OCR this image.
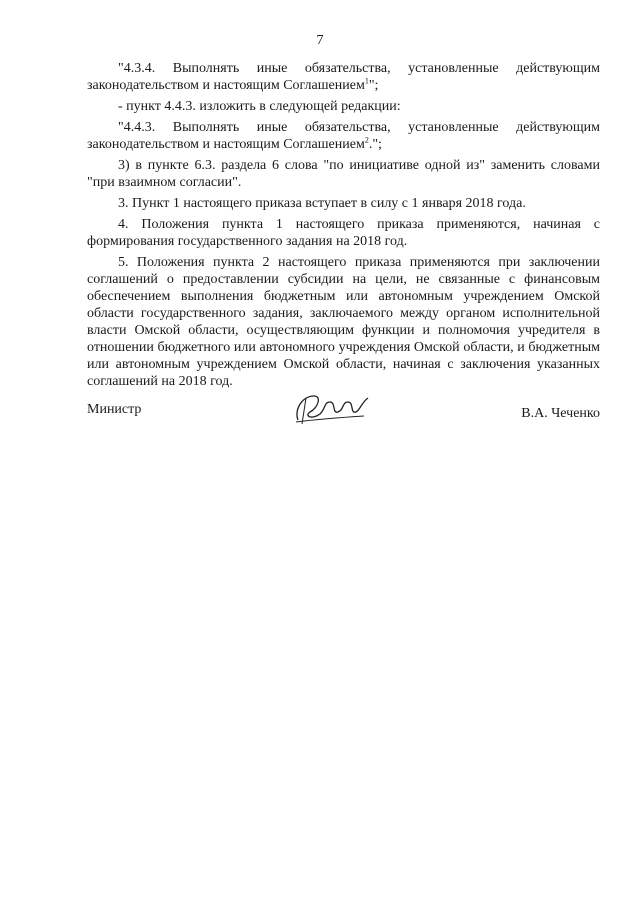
7

"4.3.4. Выполнять иные обязательства, установленные действующим законодательством и настоящим Соглашением$^1$";

- пункт 4.4.3. изложить в следующей редакции:

"4.4.3. Выполнять иные обязательства, установленные действующим законодательством и настоящим Соглашением$^2$.";

3) в пункте 6.3. раздела 6 слова "по инициативе одной из" заменить словами "при взаимном согласии".

3. Пункт 1 настоящего приказа вступает в силу с 1 января 2018 года.

4. Положения пункта 1 настоящего приказа применяются, начиная с формирования государственного задания на 2018 год.

5. Положения пункта 2 настоящего приказа применяются при заключении соглашений о предоставлении субсидии на цели, не связанные с финансовым обеспечением выполнения бюджетным или автономным учреждением Омской области государственного задания, заключаемого между органом исполнительной власти Омской области, осуществляющим функции и полномочия учредителя в отношении бюджетного или автономного учреждения Омской области, и бюджетным или автономным учреждением Омской области, начиная с заключения указанных соглашений на 2018 год.

Министр	В.А. Чеченко
